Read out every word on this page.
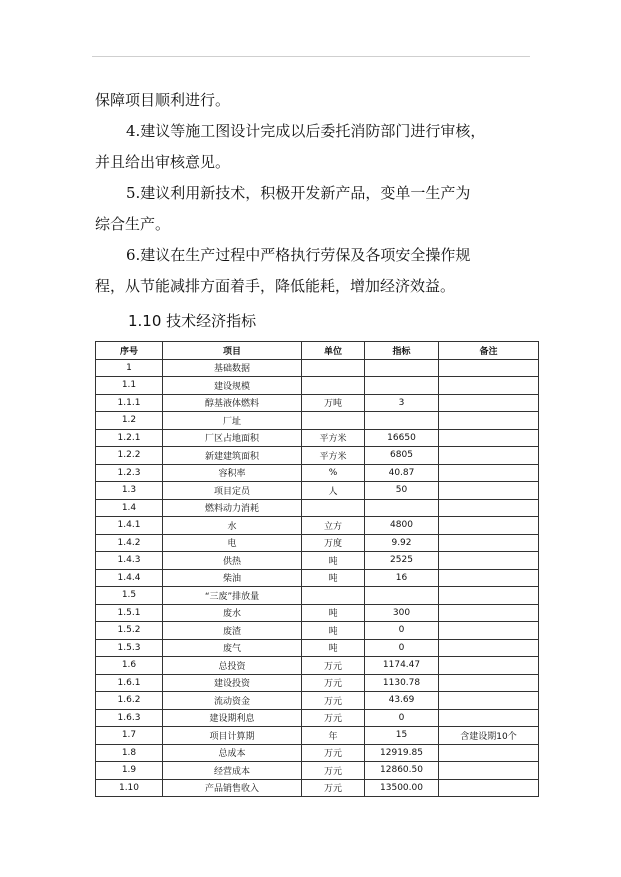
保障项目顺利进行。
4.建议等施工图设计完成以后委托消防部门进行审核，
并且给出审核意见。
5.建议利用新技术，积极开发新产品，变单一生产为
综合生产。
6.建议在生产过程中严格执行劳保及各项安全操作规
程，从节能减排方面着手，降低能耗，增加经济效益。
1.10 技术经济指标
序号	项目	单位	指标	备注
1	基础数据			
1.1	建设规模			
1.1.1	醇基液体燃料	万吨	3	
1.2	厂址			
1.2.1	厂区占地面积	平方米	16650	
1.2.2	新建建筑面积	平方米	6805	
1.2.3	容积率	%	40.87	
1.3	项目定员	人	50	
1.4	燃料动力消耗			
1.4.1	水	立方	4800	
1.4.2	电	万度	9.92	
1.4.3	供热	吨	2525	
1.4.4	柴油	吨	16	
1.5	“三废”排放量			
1.5.1	废水	吨	300	
1.5.2	废渣	吨	0	
1.5.3	废气	吨	0	
1.6	总投资	万元	1174.47	
1.6.1	建设投资	万元	1130.78	
1.6.2	流动资金	万元	43.69	
1.6.3	建设期利息	万元	0	
1.7	项目计算期	年	15	含建设期10个
1.8	总成本	万元	12919.85	
1.9	经营成本	万元	12860.50	
1.10	产品销售收入	万元	13500.00	
